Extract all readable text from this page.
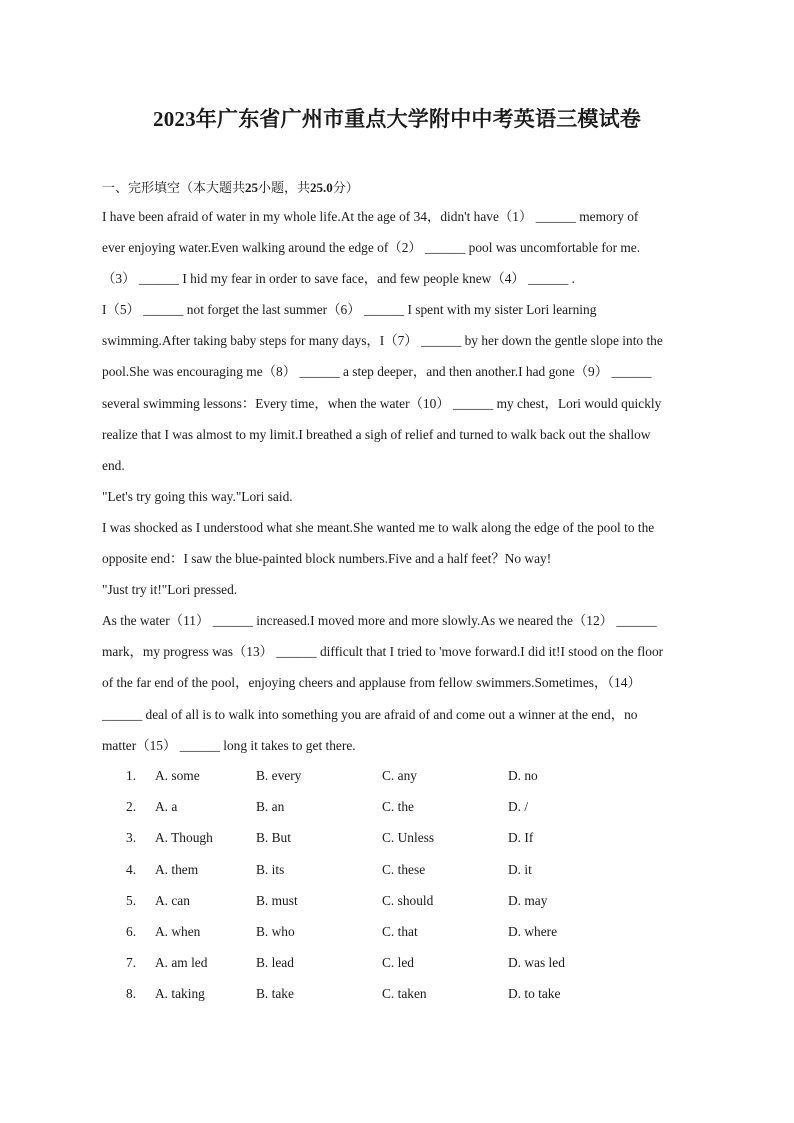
2023年广东省广州市重点大学附中中考英语三模试卷
一、完形填空（本大题共25小题，共25.0分）
I have been afraid of water in my whole life.At the age of 34，didn't have（1） ______ memory of
ever enjoying water.Even walking around the edge of（2） ______ pool was uncomfortable for me.
（3） ______ I hid my fear in order to save face，and few people knew（4） ______ .
I（5） ______ not forget the last summer（6） ______ I spent with my sister Lori learning
swimming.After taking baby steps for many days，I（7） ______ by her down the gentle slope into the
pool.She was encouraging me（8） ______ a step deeper，and then another.I had gone（9） ______
several swimming lessons：Every time，when the water（10） ______ my chest，Lori would quickly
realize that I was almost to my limit.I breathed a sigh of relief and turned to walk back out the shallow
end.
"Let's try going this way."Lori said.
I was shocked as I understood what she meant.She wanted me to walk along the edge of the pool to the
opposite end：I saw the blue-painted block numbers.Five and a half feet？No way!
"Just try it!"Lori pressed.
As the water（11） ______ increased.I moved more and more slowly.As we neared the（12） ______
mark，my progress was（13） ______ difficult that I tried to 'move forward.I did it!I stood on the floor
of the far end of the pool，enjoying cheers and applause from fellow swimmers.Sometimes，（14）
______ deal of all is to walk into something you are afraid of and come out a winner at the end，no
matter（15） ______ long it takes to get there.
1. A. some	B. every	C. any	D. no
2. A. a	B. an	C. the	D. /
3. A. Though	B. But	C. Unless	D. If
4. A. them	B. its	C. these	D. it
5. A. can	B. must	C. should	D. may
6. A. when	B. who	C. that	D. where
7. A. am led	B. lead	C. led	D. was led
8. A. taking	B. take	C. taken	D. to take
